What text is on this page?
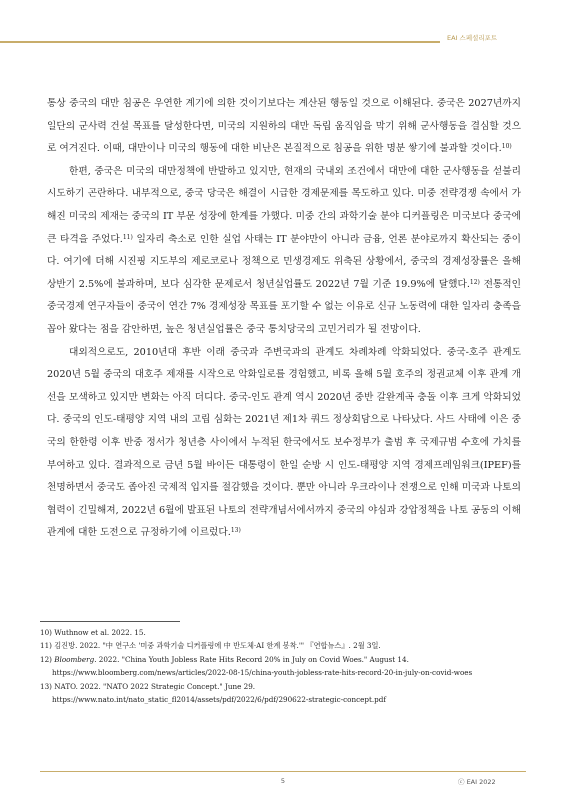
EAI 스페셜리포트

통상 중국의 대만 침공은 우연한 계기에 의한 것이기보다는 계산된 행동일 것으로 이해된다. 중국은 2027년까지 일단의 군사력 건설 목표를 달성한다면, 미국의 지원하의 대만 독립 움직임을 막기 위해 군사행동을 결심할 것으로 여겨진다. 이때, 대만이나 미국의 행동에 대한 비난은 본질적으로 침공을 위한 명분 쌓기에 불과할 것이다.$^{10)}$

한편, 중국은 미국의 대만정책에 반발하고 있지만, 현재의 국내외 조건에서 대만에 대한 군사행동을 섣불리 시도하기 곤란하다. 내부적으로, 중국 당국은 해결이 시급한 경제문제를 목도하고 있다. 미중 전략경쟁 속에서 가해진 미국의 제재는 중국의 IT 부문 성장에 한계를 가했다. 미중 간의 과학기술 분야 디커플링은 미국보다 중국에 큰 타격을 주었다.$^{11)}$ 일자리 축소로 인한 실업 사태는 IT 분야만이 아니라 금융, 언론 분야로까지 확산되는 중이다. 여기에 더해 시진핑 지도부의 제로코로나 정책으로 민생경제도 위축된 상황에서, 중국의 경제성장률은 올해 상반기 2.5%에 불과하며, 보다 심각한 문제로서 청년실업률도 2022년 7월 기준 19.9%에 달했다.$^{12)}$ 전통적인 중국경제 연구자들이 중국이 연간 7% 경제성장 목표를 포기할 수 없는 이유로 신규 노동력에 대한 일자리 충족을 꼽아 왔다는 점을 감안하면, 높은 청년실업률은 중국 통치당국의 고민거리가 될 전망이다.

대외적으로도, 2010년대 후반 이래 중국과 주변국과의 관계도 차례차례 악화되었다. 중국-호주 관계도 2020년 5월 중국의 대호주 제재를 시작으로 악화일로를 경험했고, 비록 올해 5월 호주의 정권교체 이후 관계 개선을 모색하고 있지만 변화는 아직 더디다. 중국-인도 관계 역시 2020년 중반 갈완계곡 충돌 이후 크게 악화되었다. 중국의 인도-태평양 지역 내의 고립 심화는 2021년 제1차 쿼드 정상회담으로 나타났다. 사드 사태에 이은 중국의 한한령 이후 반중 정서가 청년층 사이에서 누적된 한국에서도 보수정부가 출범 후 국제규범 수호에 가치를 부여하고 있다. 결과적으로 금년 5월 바이든 대통령이 한일 순방 시 인도-태평양 지역 경제프레임워크(IPEF)를 천명하면서 중국도 좁아진 국제적 입지를 절감했을 것이다. 뿐만 아니라 우크라이나 전쟁으로 인해 미국과 나토의 협력이 긴밀해져, 2022년 6월에 발표된 나토의 전략개념서에서까지 중국의 야심과 강압정책을 나토 공동의 이해관계에 대한 도전으로 규정하기에 이르렀다.$^{13)}$

10) Wuthnow et al. 2022. 15.

11) 김진방. 2022. "中 연구소 '미중 과학기술 디커플링에 中 반도체·AI 한계 봉착.'" 『연합뉴스』. 2월 3일.

12) Bloomberg. 2022. "China Youth Jobless Rate Hits Record 20% in July on Covid Woes." August 14.
https://www.bloomberg.com/news/articles/2022-08-15/china-youth-jobless-rate-hits-record-20-in-july-on-covid-woes

13) NATO. 2022. "NATO 2022 Strategic Concept." June 29.
https://www.nato.int/nato_static_fl2014/assets/pdf/2022/6/pdf/290622-strategic-concept.pdf

5	ⓒ EAI 2022
